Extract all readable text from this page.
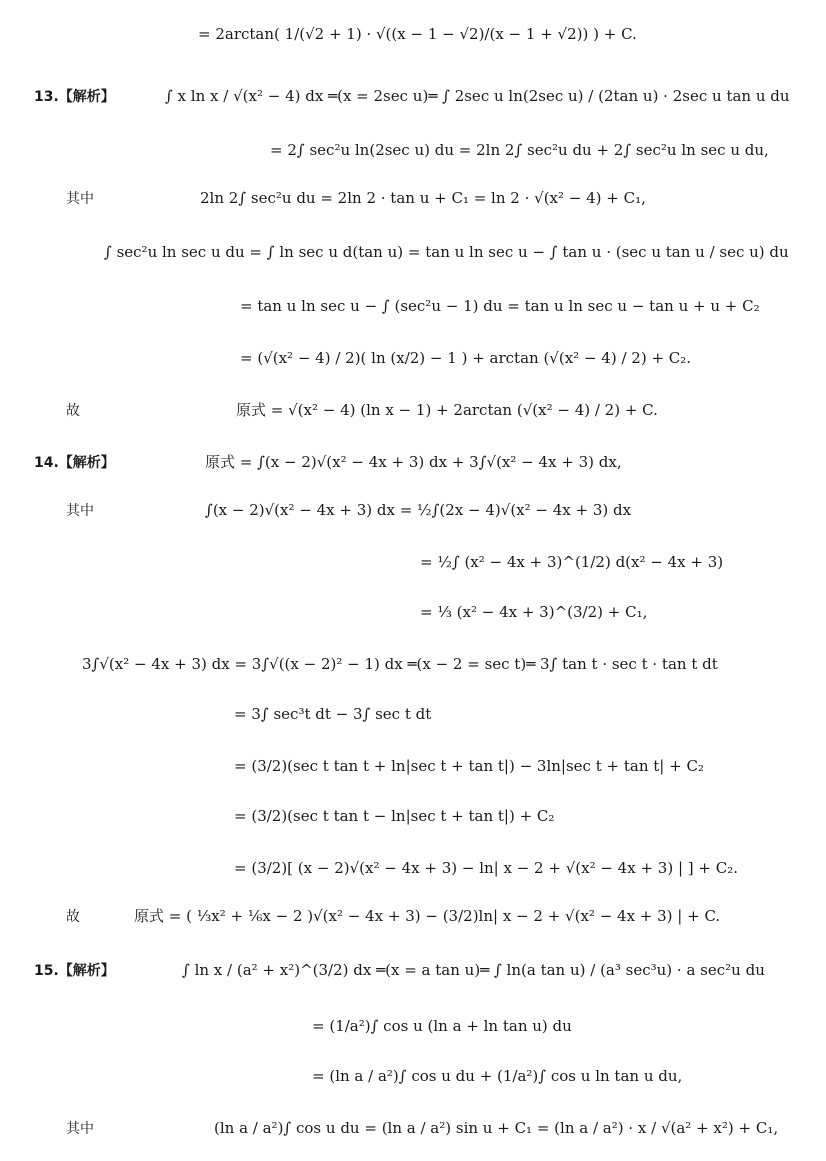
= 2arctan( 1/(√2 + 1) · √((x − 1 − √2)/(x − 1 + √2)) ) + C.
13.【解析】	∫ x ln x / √(x² − 4) dx ═(x = 2sec u)═ ∫ 2sec u ln(2sec u) / (2tan u) · 2sec u tan u du
= 2∫ sec²u ln(2sec u) du = 2ln 2∫ sec²u du + 2∫ sec²u ln sec u du,
其中	2ln 2∫ sec²u du = 2ln 2 · tan u + C₁ = ln 2 · √(x² − 4) + C₁,
∫ sec²u ln sec u du = ∫ ln sec u d(tan u) = tan u ln sec u − ∫ tan u · (sec u tan u / sec u) du
= tan u ln sec u − ∫ (sec²u − 1) du = tan u ln sec u − tan u + u + C₂
= (√(x² − 4) / 2)( ln (x/2) − 1 ) + arctan (√(x² − 4) / 2) + C₂.
故	原式 = √(x² − 4) (ln x − 1) + 2arctan (√(x² − 4) / 2) + C.
14.【解析】	原式 = ∫(x − 2)√(x² − 4x + 3) dx + 3∫√(x² − 4x + 3) dx,
其中	∫(x − 2)√(x² − 4x + 3) dx = ½∫(2x − 4)√(x² − 4x + 3) dx
= ½∫ (x² − 4x + 3)^(1/2) d(x² − 4x + 3)
= ⅓ (x² − 4x + 3)^(3/2) + C₁,
3∫√(x² − 4x + 3) dx = 3∫√((x − 2)² − 1) dx ═(x − 2 = sec t)═ 3∫ tan t · sec t · tan t dt
= 3∫ sec³t dt − 3∫ sec t dt
= (3/2)(sec t tan t + ln|sec t + tan t|) − 3ln|sec t + tan t| + C₂
= (3/2)(sec t tan t − ln|sec t + tan t|) + C₂
= (3/2)[ (x − 2)√(x² − 4x + 3) − ln| x − 2 + √(x² − 4x + 3) | ] + C₂.
故	原式 = ( ⅓x² + ⅙x − 2 )√(x² − 4x + 3) − (3/2)ln| x − 2 + √(x² − 4x + 3) | + C.
15.【解析】	∫ ln x / (a² + x²)^(3/2) dx ═(x = a tan u)═ ∫ ln(a tan u) / (a³ sec³u) · a sec²u du
= (1/a²)∫ cos u (ln a + ln tan u) du
= (ln a / a²)∫ cos u du + (1/a²)∫ cos u ln tan u du,
其中	(ln a / a²)∫ cos u du = (ln a / a²) sin u + C₁ = (ln a / a²) · x / √(a² + x²) + C₁,
